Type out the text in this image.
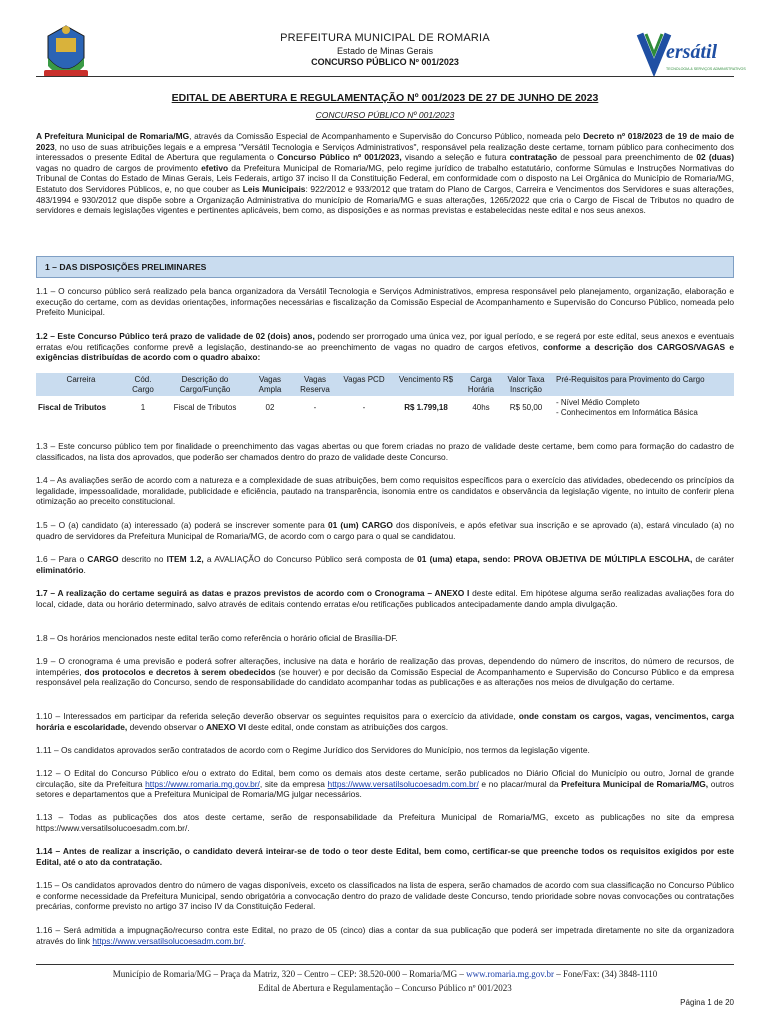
PREFEITURA MUNICIPAL DE ROMARIA
Estado de Minas Gerais
CONCURSO PÚBLICO Nº 001/2023	ersátil
TECNOLOGIA & SERVIÇOS ADMINISTRATIVOS
EDITAL DE ABERTURA E REGULAMENTAÇÃO Nº 001/2023 DE 27 DE JUNHO DE 2023
CONCURSO PÚBLICO Nº 001/2023

A Prefeitura Municipal de Romaria/MG, através da Comissão Especial de Acompanhamento e Supervisão do Concurso Público, nomeada pelo Decreto nº 018/2023 de 19 de maio de 2023, no uso de suas atribuições legais e a empresa "Versátil Tecnologia e Serviços Administrativos", responsável pela realização deste certame, tornam público para conhecimento dos interessados o presente Edital de Abertura que regulamenta o Concurso Público nº 001/2023, visando a seleção e futura contratação de pessoal para preenchimento de 02 (duas) vagas no quadro de cargos de provimento efetivo da Prefeitura Municipal de Romaria/MG, pelo regime jurídico de trabalho estatutário, conforme Súmulas e Instruções Normativas do Tribunal de Contas do Estado de Minas Gerais, Leis Federais, artigo 37 inciso II da Constituição Federal, em conformidade com o disposto na Lei Orgânica do Município de Romaria/MG, Estatuto dos Servidores Públicos, e, no que couber as Leis Municipais: 922/2012 e 933/2012 que tratam do Plano de Cargos, Carreira e Vencimentos dos Servidores e suas alterações, 483/1994 e 930/2012 que dispõe sobre a Organização Administrativa do município de Romaria/MG e suas alterações, 1265/2022 que cria o Cargo de Fiscal de Tributos no quadro de servidores e demais legislações vigentes e pertinentes aplicáveis, bem como, as disposições e as normas previstas e estabelecidas neste edital e nos seus anexos.

1 – DAS DISPOSIÇÕES PRELIMINARES

1.1 – O concurso público será realizado pela banca organizadora da Versátil Tecnologia e Serviços Administrativos, empresa responsável pelo planejamento, organização, elaboração e execução do certame, com as devidas orientações, informações necessárias e fiscalização da Comissão Especial de Acompanhamento e Supervisão do Concurso Público, nomeada pelo Prefeito Municipal.

1.2 – Este Concurso Público terá prazo de validade de 02 (dois) anos, podendo ser prorrogado uma única vez, por igual período, e se regerá por este edital, seus anexos e eventuais erratas e/ou retificações conforme prevê a legislação, destinando-se ao preenchimento de vagas no quadro de cargos efetivos, conforme a descrição dos CARGOS/VAGAS e exigências distribuídas de acordo com o quadro abaixo:

Carreira	Cód. Cargo	Descrição do Cargo/Função	Vagas Ampla	Vagas Reserva	Vagas PCD	Vencimento R$	Carga Horária	Valor Taxa Inscrição	Pré-Requisitos para Provimento do Cargo
Fiscal de Tributos	1	Fiscal de Tributos	02	-	-	R$ 1.799,18	40hs	R$ 50,00	- Nível Médio Completo
- Conhecimentos em Informática Básica

1.3 – Este concurso público tem por finalidade o preenchimento das vagas abertas ou que forem criadas no prazo de validade deste certame, bem como para formação do cadastro de classificados, na lista dos aprovados, que poderão ser chamados dentro do prazo de validade deste Concurso.

1.4 – As avaliações serão de acordo com a natureza e a complexidade de suas atribuições, bem como requisitos específicos para o exercício das atividades, obedecendo os princípios da legalidade, impessoalidade, moralidade, publicidade e eficiência, pautado na transparência, isonomia entre os candidatos e observância da legislação vigente, no intuito de conferir plena otimização ao preceito constitucional.

1.5 – O (a) candidato (a) interessado (a) poderá se inscrever somente para 01 (um) CARGO dos disponíveis, e após efetivar sua inscrição e se aprovado (a), estará vinculado (a) no quadro de servidores da Prefeitura Municipal de Romaria/MG, de acordo com o cargo para o qual se candidatou.

1.6 – Para o CARGO descrito no ITEM 1.2, a AVALIAÇÃO do Concurso Público será composta de 01 (uma) etapa, sendo: PROVA OBJETIVA DE MÚLTIPLA ESCOLHA, de caráter eliminatório.

1.7 – A realização do certame seguirá as datas e prazos previstos de acordo com o Cronograma – ANEXO I deste edital. Em hipótese alguma serão realizadas avaliações fora do local, cidade, data ou horário determinado, salvo através de editais contendo erratas e/ou retificações publicados antecipadamente dando ampla divulgação.

1.8 – Os horários mencionados neste edital terão como referência o horário oficial de Brasília-DF.

1.9 – O cronograma é uma previsão e poderá sofrer alterações, inclusive na data e horário de realização das provas, dependendo do número de inscritos, do número de recursos, de intempéries, dos protocolos e decretos à serem obedecidos (se houver) e por decisão da Comissão Especial de Acompanhamento e Supervisão do Concurso Público e da empresa responsável pela realização do Concurso, sendo de responsabilidade do candidato acompanhar todas as publicações e as alterações nos meios de divulgação do certame.

1.10 – Interessados em participar da referida seleção deverão observar os seguintes requisitos para o exercício da atividade, onde constam os cargos, vagas, vencimentos, carga horária e escolaridade, devendo observar o ANEXO VI deste edital, onde constam as atribuições dos cargos.

1.11 – Os candidatos aprovados serão contratados de acordo com o Regime Jurídico dos Servidores do Município, nos termos da legislação vigente.

1.12 – O Edital do Concurso Público e/ou o extrato do Edital, bem como os demais atos deste certame, serão publicados no Diário Oficial do Município ou outro, Jornal de grande circulação, site da Prefeitura https://www.romaria.mg.gov.br/, site da empresa https://www.versatilsolucoesadm.com.br/ e no placar/mural da Prefeitura Municipal de Romaria/MG, outros setores e departamentos que a Prefeitura Municipal de Romaria/MG julgar necessários.

1.13 – Todas as publicações dos atos deste certame, serão de responsabilidade da Prefeitura Municipal de Romaria/MG, exceto as publicações no site da empresa https://www.versatilsolucoesadm.com.br/.

1.14 – Antes de realizar a inscrição, o candidato deverá inteirar-se de todo o teor deste Edital, bem como, certificar-se que preenche todos os requisitos exigidos por este Edital, até o ato da contratação.

1.15 – Os candidatos aprovados dentro do número de vagas disponíveis, exceto os classificados na lista de espera, serão chamados de acordo com sua classificação no Concurso Público e conforme necessidade da Prefeitura Municipal, sendo obrigatória a convocação dentro do prazo de validade deste Concurso, tendo prioridade sobre novas convocações ou contratações precárias, conforme previsto no artigo 37 inciso IV da Constituição Federal.

1.16 – Será admitida a impugnação/recurso contra este Edital, no prazo de 05 (cinco) dias a contar da sua publicação que poderá ser impetrada diretamente no site da organizadora através do link https://www.versatilsolucoesadm.com.br/.

Município de Romaria/MG – Praça da Matriz, 320 – Centro – CEP: 38.520-000 – Romaria/MG – www.romaria.mg.gov.br – Fone/Fax: (34) 3848-1110
Edital de Abertura e Regulamentação – Concurso Público nº 001/2023
Página 1 de 20
